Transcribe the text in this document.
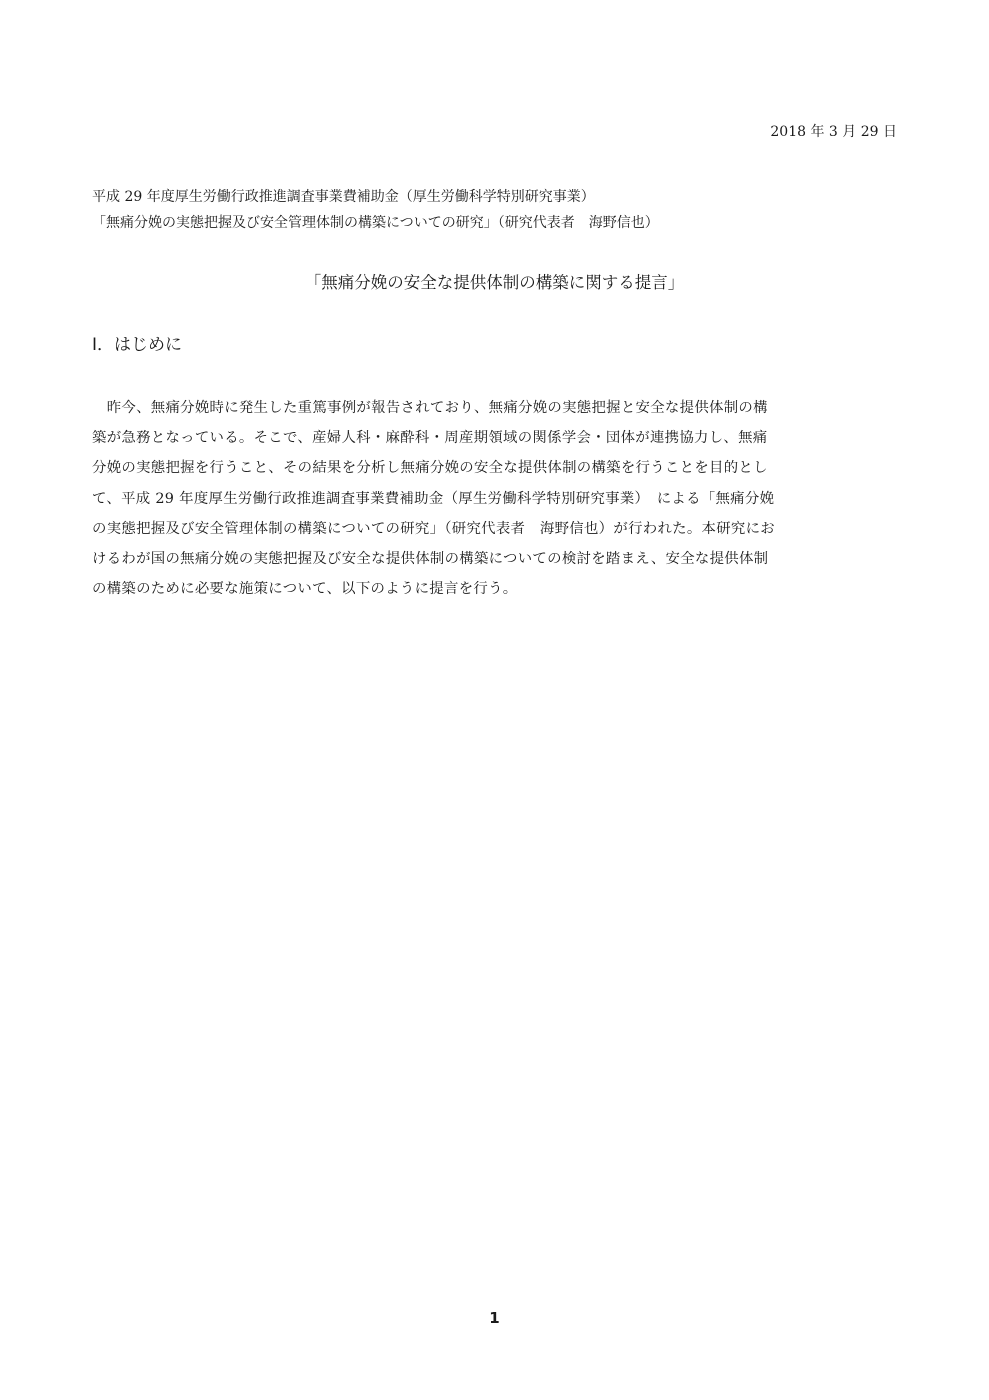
2018 年 3 月 29 日
平成 29 年度厚生労働行政推進調査事業費補助金（厚生労働科学特別研究事業）
「無痛分娩の実態把握及び安全管理体制の構築についての研究」（研究代表者　海野信也）
「無痛分娩の安全な提供体制の構築に関する提言」
Ⅰ．はじめに
　昨今、無痛分娩時に発生した重篤事例が報告されており、無痛分娩の実態把握と安全な提供体制の構
築が急務となっている。そこで、産婦人科・麻酔科・周産期領域の関係学会・団体が連携協力し、無痛
分娩の実態把握を行うこと、その結果を分析し無痛分娩の安全な提供体制の構築を行うことを目的とし
て、平成 29 年度厚生労働行政推進調査事業費補助金（厚生労働科学特別研究事業）　による「無痛分娩
の実態把握及び安全管理体制の構築についての研究」（研究代表者　海野信也）が行われた。本研究にお
けるわが国の無痛分娩の実態把握及び安全な提供体制の構築についての検討を踏まえ、安全な提供体制
の構築のために必要な施策について、以下のように提言を行う。
1
